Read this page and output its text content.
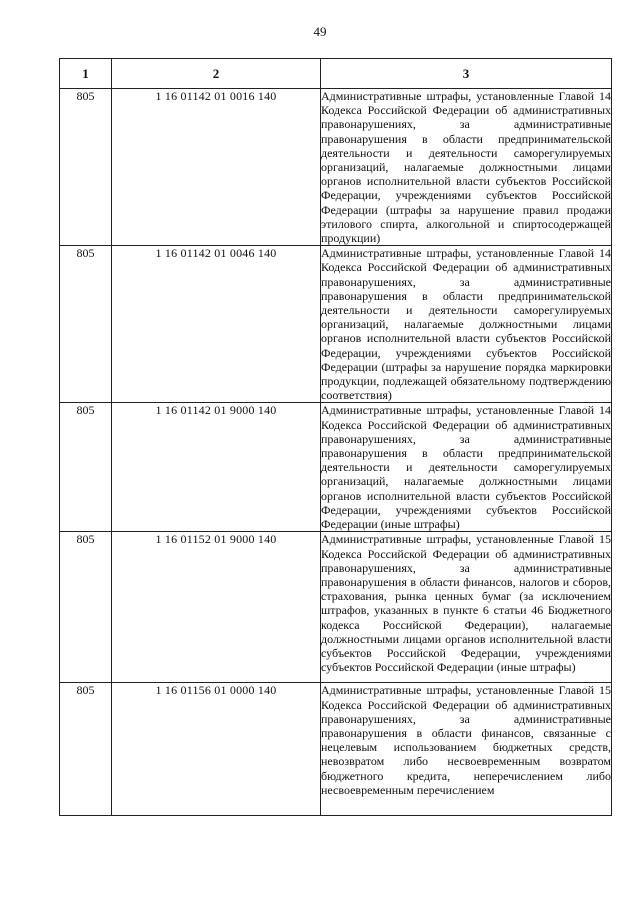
49
1	2	3
805	1 16 01142 01 0016 140	Административные штрафы, установленные Главой 14 Кодекса Российской Федерации об административных правонарушениях, за административные правонарушения в области предпринимательской деятельности и деятельности саморегулируемых организаций, налагаемые должностными лицами органов исполнительной власти субъектов Российской Федерации, учреждениями субъектов Российской Федерации (штрафы за нарушение правил продажи этилового спирта, алкогольной и спиртосодержащей продукции)
805	1 16 01142 01 0046 140	Административные штрафы, установленные Главой 14 Кодекса Российской Федерации об административных правонарушениях, за административные правонарушения в области предпринимательской деятельности и деятельности саморегулируемых организаций, налагаемые должностными лицами органов исполнительной власти субъектов Российской Федерации, учреждениями субъектов Российской Федерации (штрафы за нарушение порядка маркировки продукции, подлежащей обязательному подтверждению соответствия)
805	1 16 01142 01 9000 140	Административные штрафы, установленные Главой 14 Кодекса Российской Федерации об административных правонарушениях, за административные правонарушения в области предпринимательской деятельности и деятельности саморегулируемых организаций, налагаемые должностными лицами органов исполнительной власти субъектов Российской Федерации, учреждениями субъектов Российской Федерации (иные штрафы)
805	1 16 01152 01 9000 140	Административные штрафы, установленные Главой 15 Кодекса Российской Федерации об административных правонарушениях, за административные правонарушения в области финансов, налогов и сборов, страхования, рынка ценных бумаг (за исключением штрафов, указанных в пункте 6 статьи 46 Бюджетного кодекса Российской Федерации), налагаемые должностными лицами органов исполнительной власти субъектов Российской Федерации, учреждениями субъектов Российской Федерации (иные штрафы)
805	1 16 01156 01 0000 140	Административные штрафы, установленные Главой 15 Кодекса Российской Федерации об административных правонарушениях, за административные правонарушения в области финансов, связанные с нецелевым использованием бюджетных средств, невозвратом либо несвоевременным возвратом бюджетного кредита, неперечислением либо несвоевременным перечислением
